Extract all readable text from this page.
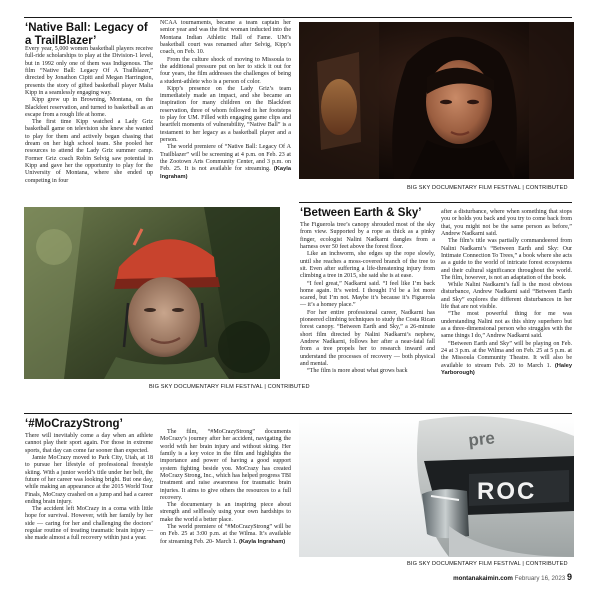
‘Native Ball: Legacy of a TrailBlazer’

Every year, 5,000 women basketball players receive full-ride scholarships to play at the Division-1 level, but in 1992 only one of them was Indigenous. The film “Native Ball: Legacy Of A Trailblazer,” directed by Jonathon Cipiti and Megan Harrington, presents the story of gifted basketball player Malia Kipp in a seamlessly engaging way.

Kipp grew up in Browning, Montana, on the Blackfeet reservation, and turned to basketball as an escape from a rough life at home.

The first time Kipp watched a Lady Griz basketball game on television she knew she wanted to play for them and actively began chasing that dream on her high school team. She pooled her resources to attend the Lady Griz summer camp. Former Griz coach Robin Selvig saw potential in Kipp and gave her the opportunity to play for the University of Montana, where she ended up competing in four

NCAA tournaments, became a team captain her senior year and was the first woman inducted into the Montana Indian Athletic Hall of Fame. UM’s basketball court was renamed after Selvig, Kipp’s coach, on Feb. 10.

From the culture shock of moving to Missoula to the additional pressure put on her to stick it out for four years, the film addresses the challenges of being a student-athlete who is a person of color.

Kipp’s presence on the Lady Griz’s team immediately made an impact, and she became an inspiration for many children on the Blackfeet reservation, three of whom followed in her footsteps to play for UM. Filled with engaging game clips and heartfelt moments of vulnerability, “Native Ball” is a testament to her legacy as a basketball player and a person.

The world premiere of “Native Ball: Legacy Of A Trailblazer” will be screening at 4 p.m. on Feb. 23 at the Zootown Arts Community Center, and 3 p.m. on Feb. 25. It is not available for streaming. (Kayla Ingraham)

BIG SKY DOCUMENTARY FILM FESTIVAL | CONTRIBUTED
BIG SKY DOCUMENTARY FILM FESTIVAL | CONTRIBUTED
‘Between Earth & Sky’

The Figuerola tree’s canopy shrouded most of the sky from view. Supported by a rope as thick as a pinky finger, ecologist Nalini Nadkarni dangles from a harness over 50 feet above the forest floor.

Like an inchworm, she edges up the rope slowly, until she reaches a moss-covered branch of the tree to sit. Even after suffering a life-threatening injury from climbing a tree in 2015, she said she is at ease.

“I feel great,” Nadkarni said. “I feel like I’m back home again. It’s weird. I thought I’d be a lot more scared, but I’m not. Maybe it’s because it’s Figuerola — it’s a homey place.”

For her entire professional career, Nadkarni has pioneered climbing techniques to study the Costa Rican forest canopy. “Between Earth and Sky,” a 26-minute short film directed by Nalini Nadkarni’s nephew, Andrew Nadkarni, follows her after a near-fatal fall from a tree propels her to research inward and understand the processes of recovery — both physical and mental.

“The film is more about what grows back

after a disturbance, where when something that stops you or holds you back and you try to come back from that, you might not be the same person as before,” Andrew Nadkarni said.

The film’s title was partially commandeered from Nalini Nadkarni’s “Between Earth and Sky: Our Intimate Connection To Trees,” a book where she acts as a guide to the world of intricate forest ecosystems and their cultural significance throughout the world. The film, however, is not an adaptation of the book.

While Nalini Nadkarni’s fall is the most obvious disturbance, Andrew Nadkarni said “Between Earth and Sky” explores the different disturbances in her life that are not visible.

“The most powerful thing for me was understanding Nalini not as this shiny superhero but as a three-dimensional person who struggles with the same things I do,” Andrew Nadkarni said.

“Between Earth and Sky” will be playing on Feb. 24 at 3 p.m. at the Wilma and on Feb. 25 at 5 p.m. at the Missoula Community Theatre. It will also be available to stream Feb. 20 to March 1. (Haley Yarborough)

‘#MoCrazyStrong’

There will inevitably come a day when an athlete cannot play their sport again. For those in extreme sports, that day can come far sooner than expected.

Jamie MoCrazy moved to Park City, Utah, at 18 to pursue her lifestyle of professional freestyle skiing. With a junior world’s title under her belt, the future of her career was looking bright. But one day, while making an appearance at the 2015 World Tour Finals, MoCrazy crashed on a jump and had a career ending brain injury.

The accident left MoCrazy in a coma with little hope for survival. However, with her family by her side — caring for her and challenging the doctors’ regular routine of treating traumatic brain injury — she made almost a full recovery within just a year.

The film, “#MoCrazyStrong” documents MoCrazy’s journey after her accident, navigating the world with her brain injury and without skiing. Her family is a key voice in the film and highlights the importance and power of having a good support system fighting beside you. MoCrazy has created MoCrazy Strong, Inc., which has helped progress TBI treatment and raise awareness for traumatic brain injuries. It aims to give others the resources to a full recovery.

The documentary is an inspiring piece about strength and selflessly using your own hardships to make the world a better place.

The world premiere of “#MoCrazyStrong” will be on Feb. 25 at 3:00 p.m. at the Wilma. It’s available for streaming Feb. 20- March 1. (Kayla Ingraham)

pre
ROC
BIG SKY DOCUMENTARY FILM FESTIVAL | CONTRIBUTED
montanakaimin.com February 16, 2023 9
